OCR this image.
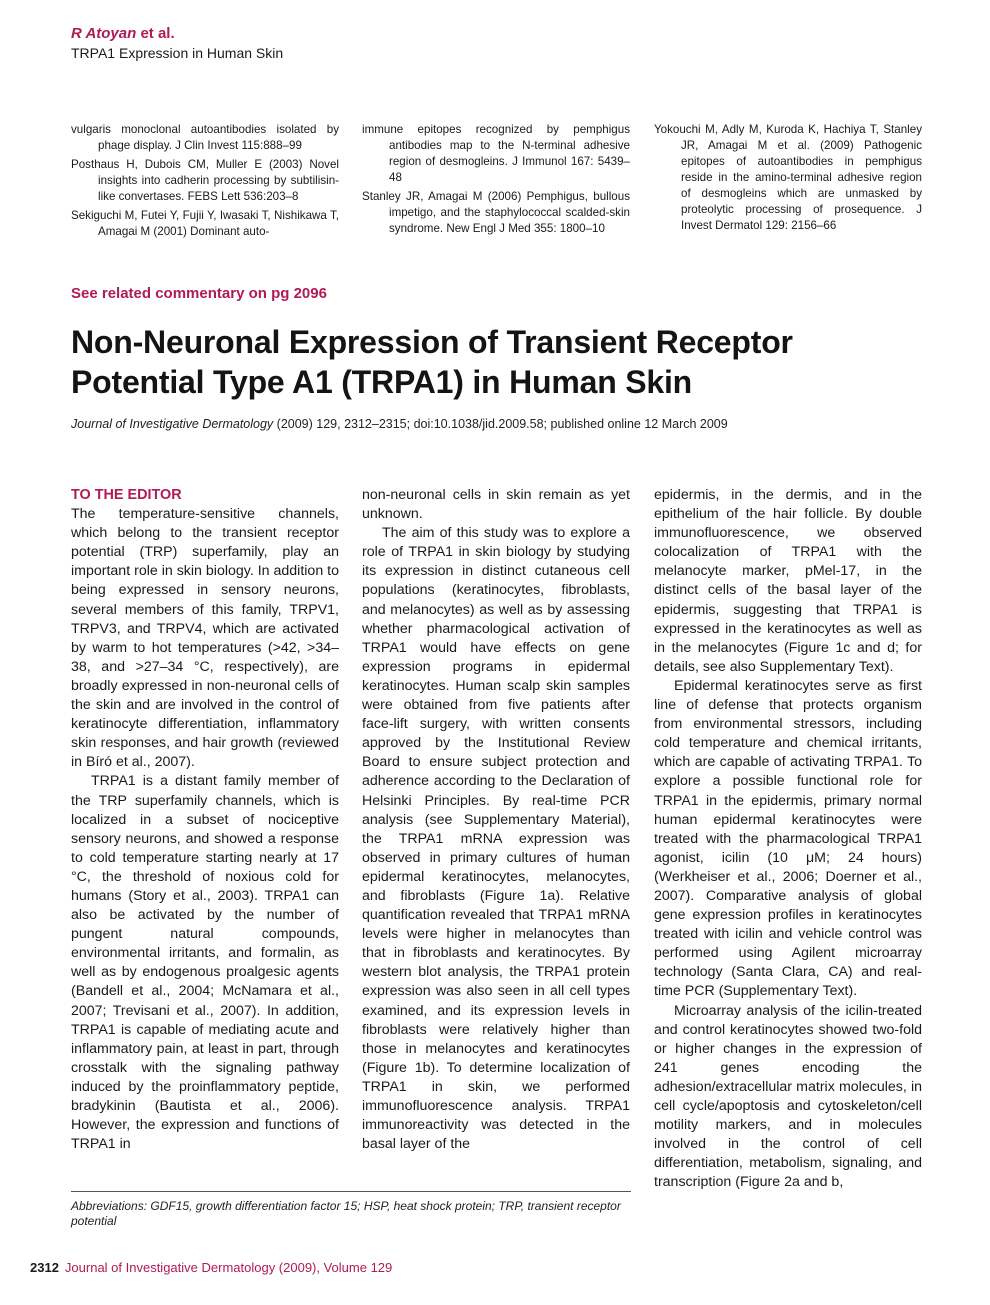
R Atoyan et al.
TRPA1 Expression in Human Skin

vulgaris monoclonal autoantibodies isolated by phage display. J Clin Invest 115:888–99

Posthaus H, Dubois CM, Muller E (2003) Novel insights into cadherin processing by subtilisin-like convertases. FEBS Lett 536:203–8

Sekiguchi M, Futei Y, Fujii Y, Iwasaki T, Nishikawa T, Amagai M (2001) Dominant auto-

immune epitopes recognized by pemphigus antibodies map to the N-terminal adhesive region of desmogleins. J Immunol 167: 5439–48

Stanley JR, Amagai M (2006) Pemphigus, bullous impetigo, and the staphylococcal scalded-skin syndrome. New Engl J Med 355: 1800–10

Yokouchi M, Adly M, Kuroda K, Hachiya T, Stanley JR, Amagai M et al. (2009) Pathogenic epitopes of autoantibodies in pemphigus reside in the amino-terminal adhesive region of desmogleins which are unmasked by proteolytic processing of prosequence. J Invest Dermatol 129: 2156–66

See related commentary on pg 2096
Non-Neuronal Expression of Transient Receptor Potential Type A1 (TRPA1) in Human Skin
Journal of Investigative Dermatology (2009) 129, 2312–2315; doi:10.1038/jid.2009.58; published online 12 March 2009
TO THE EDITOR

The temperature-sensitive channels, which belong to the transient receptor potential (TRP) superfamily, play an important role in skin biology. In addition to being expressed in sensory neurons, several members of this family, TRPV1, TRPV3, and TRPV4, which are activated by warm to hot temperatures (>42, >34–38, and >27–34 °C, respectively), are broadly expressed in non-neuronal cells of the skin and are involved in the control of keratinocyte differentiation, inflammatory skin responses, and hair growth (reviewed in Bíró et al., 2007).

TRPA1 is a distant family member of the TRP superfamily channels, which is localized in a subset of nociceptive sensory neurons, and showed a response to cold temperature starting nearly at 17 °C, the threshold of noxious cold for humans (Story et al., 2003). TRPA1 can also be activated by the number of pungent natural compounds, environmental irritants, and formalin, as well as by endogenous proalgesic agents (Bandell et al., 2004; McNamara et al., 2007; Trevisani et al., 2007). In addition, TRPA1 is capable of mediating acute and inflammatory pain, at least in part, through crosstalk with the signaling pathway induced by the proinflammatory peptide, bradykinin (Bautista et al., 2006). However, the expression and functions of TRPA1 in

non-neuronal cells in skin remain as yet unknown.

The aim of this study was to explore a role of TRPA1 in skin biology by studying its expression in distinct cutaneous cell populations (keratinocytes, fibroblasts, and melanocytes) as well as by assessing whether pharmacological activation of TRPA1 would have effects on gene expression programs in epidermal keratinocytes. Human scalp skin samples were obtained from five patients after face-lift surgery, with written consents approved by the Institutional Review Board to ensure subject protection and adherence according to the Declaration of Helsinki Principles. By real-time PCR analysis (see Supplementary Material), the TRPA1 mRNA expression was observed in primary cultures of human epidermal keratinocytes, melanocytes, and fibroblasts (Figure 1a). Relative quantification revealed that TRPA1 mRNA levels were higher in melanocytes than that in fibroblasts and keratinocytes. By western blot analysis, the TRPA1 protein expression was also seen in all cell types examined, and its expression levels in fibroblasts were relatively higher than those in melanocytes and keratinocytes (Figure 1b). To determine localization of TRPA1 in skin, we performed immunofluorescence analysis. TRPA1 immunoreactivity was detected in the basal layer of the

epidermis, in the dermis, and in the epithelium of the hair follicle. By double immunofluorescence, we observed colocalization of TRPA1 with the melanocyte marker, pMel-17, in the distinct cells of the basal layer of the epidermis, suggesting that TRPA1 is expressed in the keratinocytes as well as in the melanocytes (Figure 1c and d; for details, see also Supplementary Text).

Epidermal keratinocytes serve as first line of defense that protects organism from environmental stressors, including cold temperature and chemical irritants, which are capable of activating TRPA1. To explore a possible functional role for TRPA1 in the epidermis, primary normal human epidermal keratinocytes were treated with the pharmacological TRPA1 agonist, icilin (10 μM; 24 hours) (Werkheiser et al., 2006; Doerner et al., 2007). Comparative analysis of global gene expression profiles in keratinocytes treated with icilin and vehicle control was performed using Agilent microarray technology (Santa Clara, CA) and real-time PCR (Supplementary Text).

Microarray analysis of the icilin-treated and control keratinocytes showed two-fold or higher changes in the expression of 241 genes encoding the adhesion/extracellular matrix molecules, in cell cycle/apoptosis and cytoskeleton/cell motility markers, and in molecules involved in the control of cell differentiation, metabolism, signaling, and transcription (Figure 2a and b,

Abbreviations: GDF15, growth differentiation factor 15; HSP, heat shock protein; TRP, transient receptor potential
2312 Journal of Investigative Dermatology (2009), Volume 129
